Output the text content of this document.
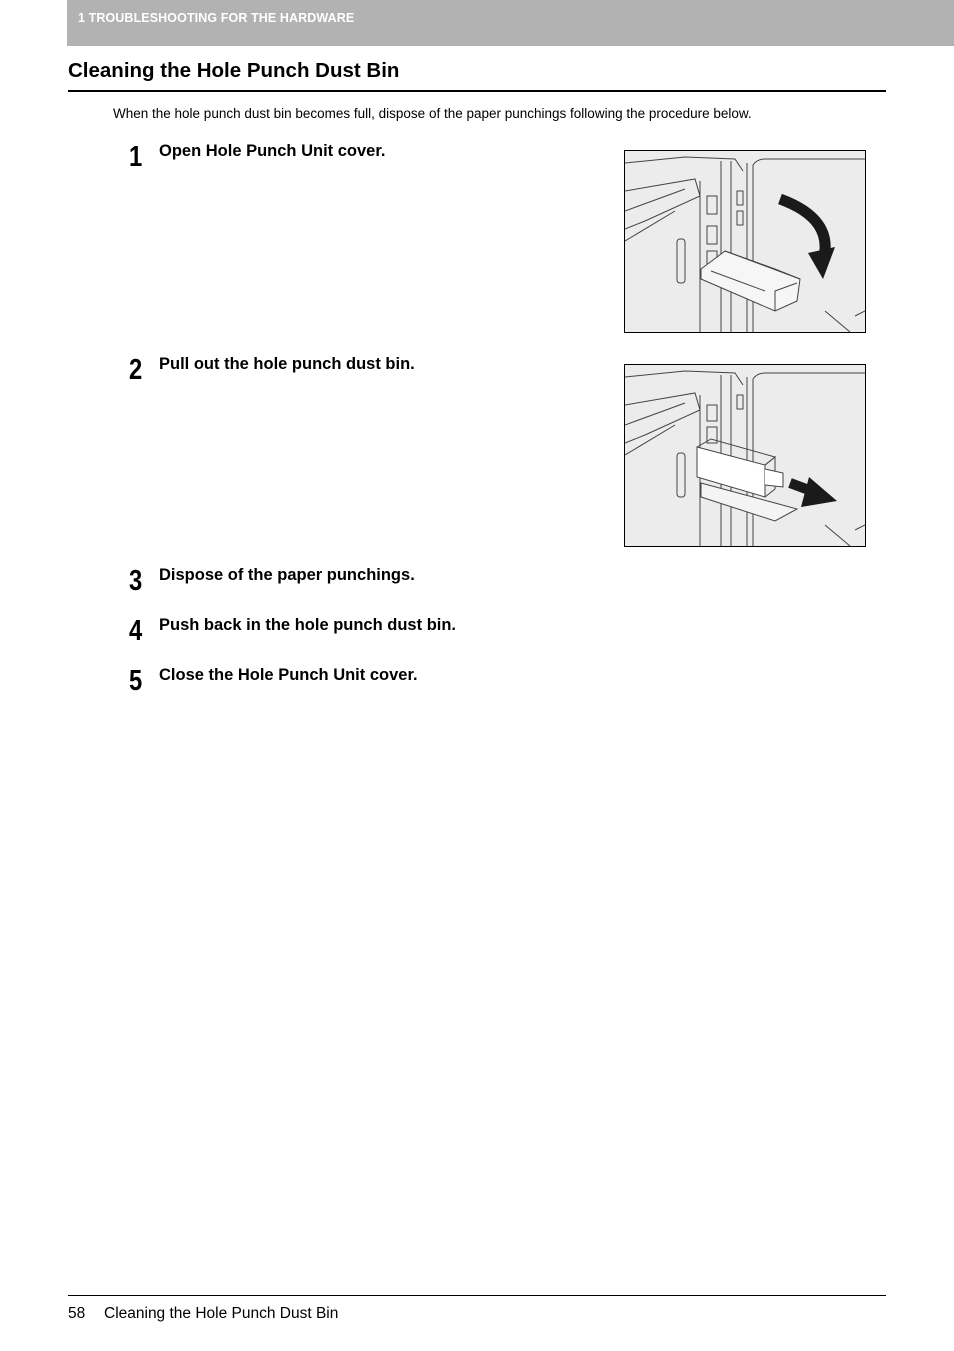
1 TROUBLESHOOTING FOR THE HARDWARE
Cleaning the Hole Punch Dust Bin
When the hole punch dust bin becomes full, dispose of the paper punchings following the procedure below.
1 Open Hole Punch Unit cover.
2 Pull out the hole punch dust bin.
3 Dispose of the paper punchings.
4 Push back in the hole punch dust bin.
5 Close the Hole Punch Unit cover.
58 Cleaning the Hole Punch Dust Bin
